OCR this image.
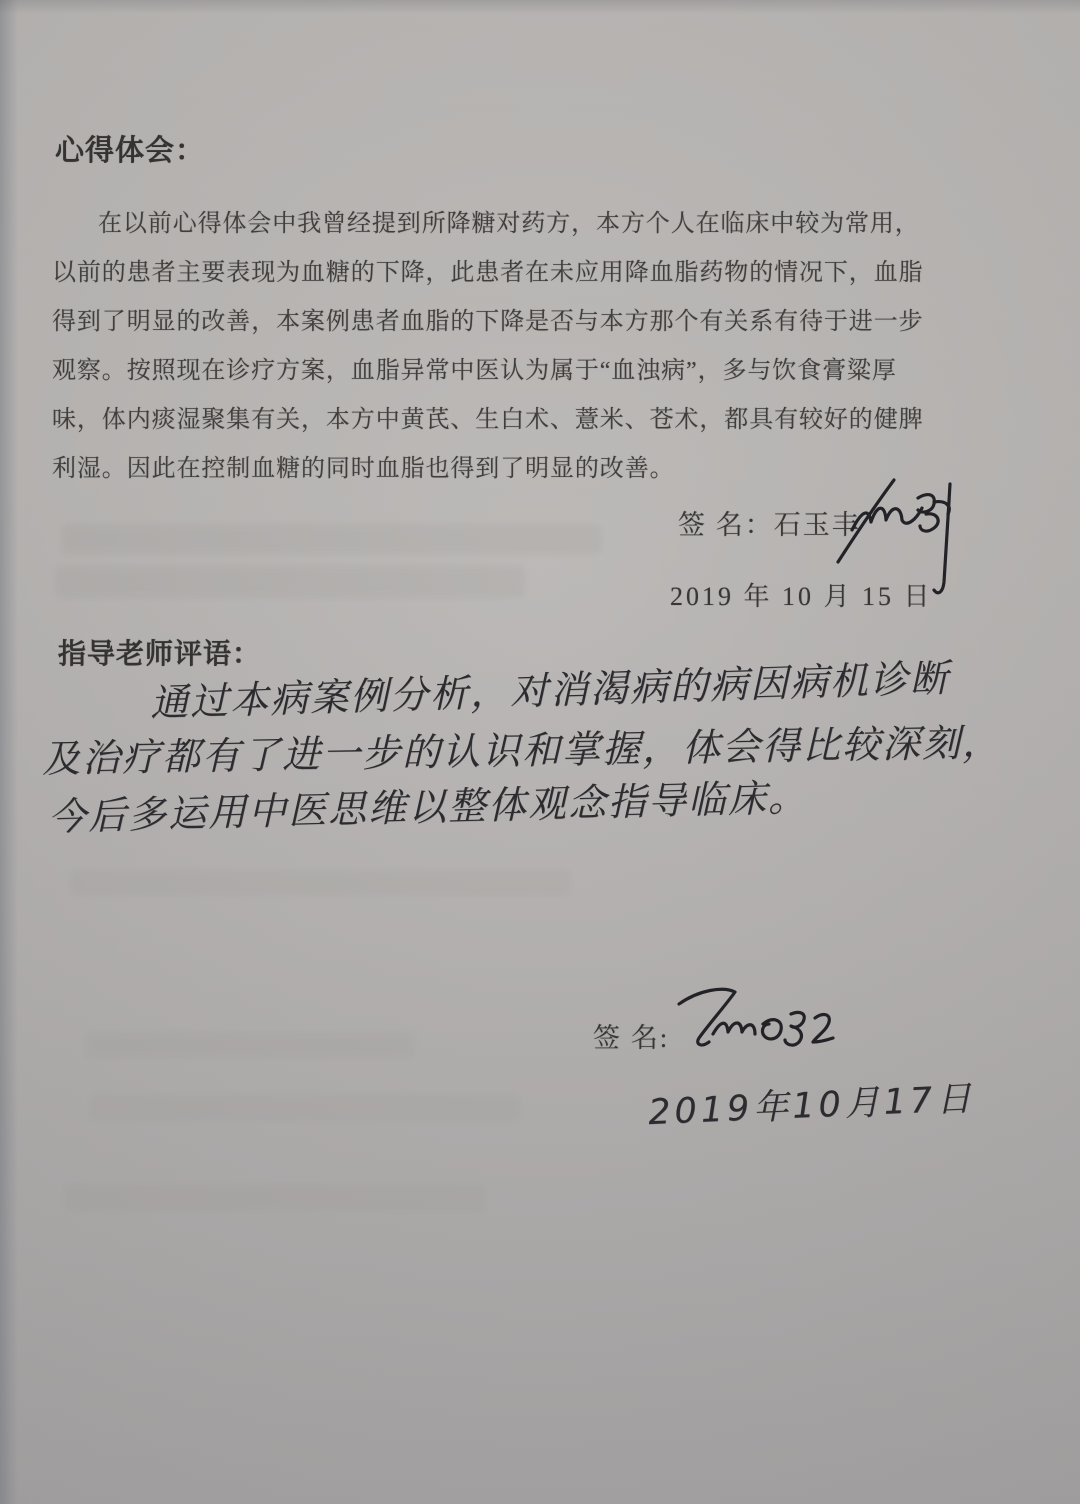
心得体会：
在以前心得体会中我曾经提到所降糖对药方，本方个人在临床中较为常用，
以前的患者主要表现为血糖的下降，此患者在未应用降血脂药物的情况下，血脂
得到了明显的改善，本案例患者血脂的下降是否与本方那个有关系有待于进一步
观察。按照现在诊疗方案，血脂异常中医认为属于“血浊病”，多与饮食膏粱厚
味，体内痰湿聚集有关，本方中黄芪、生白术、薏米、苍术，都具有较好的健脾
利湿。因此在控制血糖的同时血脂也得到了明显的改善。
签 名：石玉丰
2019 年 10 月 15 日
指导老师评语：
通过本病案例分析，对消渴病的病因病机诊断
及治疗都有了进一步的认识和掌握，体会得比较深刻，
今后多运用中医思维以整体观念指导临床。
签 名:
2019年10月17日
